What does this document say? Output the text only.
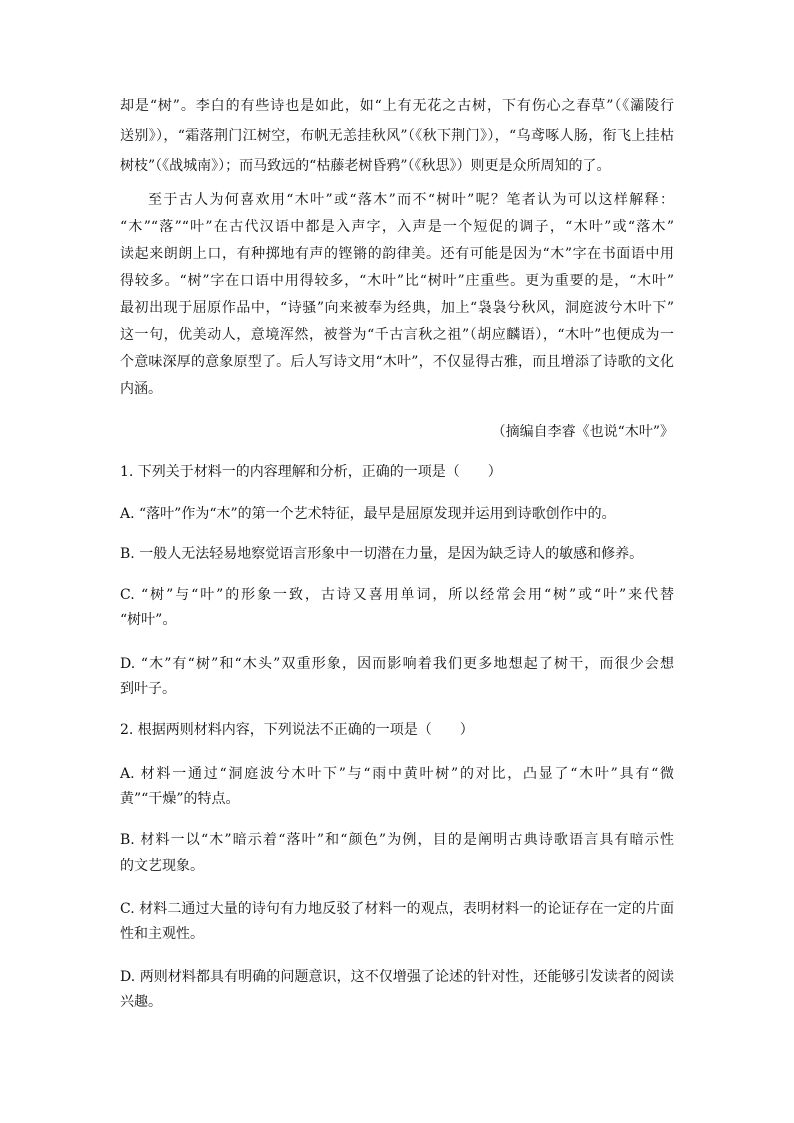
却是“树”。李白的有些诗也是如此，如“上有无花之古树，下有伤心之春草”（《灞陵行
送别》），“霜落荆门江树空，布帆无恙挂秋风”（《秋下荆门》），“乌鸢啄人肠，衔飞上挂枯
树枝”（《战城南》）；而马致远的“枯藤老树昏鸦”（《秋思》）则更是众所周知的了。
至于古人为何喜欢用“木叶”或“落木”而不“树叶”呢？笔者认为可以这样解释：
“木”“落”“叶”在古代汉语中都是入声字，入声是一个短促的调子，“木叶”或“落木”
读起来朗朗上口，有种掷地有声的铿锵的韵律美。还有可能是因为“木”字在书面语中用
得较多。“树”字在口语中用得较多，“木叶”比“树叶”庄重些。更为重要的是，“木叶”
最初出现于屈原作品中，“诗骚”向来被奉为经典，加上“袅袅兮秋风，洞庭波兮木叶下”
这一句，优美动人，意境浑然，被誉为“千古言秋之祖”（胡应麟语），“木叶”也便成为一
个意味深厚的意象原型了。后人写诗文用“木叶”，不仅显得古雅，而且增添了诗歌的文化
内涵。
（摘编自李睿《也说“木叶”》
1. 下列关于材料一的内容理解和分析，正确的一项是（　　）
A. “落叶”作为“木”的第一个艺术特征，最早是屈原发现并运用到诗歌创作中的。
B. 一般人无法轻易地察觉语言形象中一切潜在力量，是因为缺乏诗人的敏感和修养。
C. “树”与“叶”的形象一致，古诗又喜用单词，所以经常会用“树”或“叶”来代替
“树叶”。
D. “木”有“树”和“木头”双重形象，因而影响着我们更多地想起了树干，而很少会想
到叶子。
2. 根据两则材料内容，下列说法不正确的一项是（　　）
A. 材料一通过“洞庭波兮木叶下”与“雨中黄叶树”的对比，凸显了“木叶”具有“微
黄”“干燥”的特点。
B. 材料一以“木”暗示着“落叶”和“颜色”为例，目的是阐明古典诗歌语言具有暗示性
的文艺现象。
C. 材料二通过大量的诗句有力地反驳了材料一的观点，表明材料一的论证存在一定的片面
性和主观性。
D. 两则材料都具有明确的问题意识，这不仅增强了论述的针对性，还能够引发读者的阅读
兴趣。
